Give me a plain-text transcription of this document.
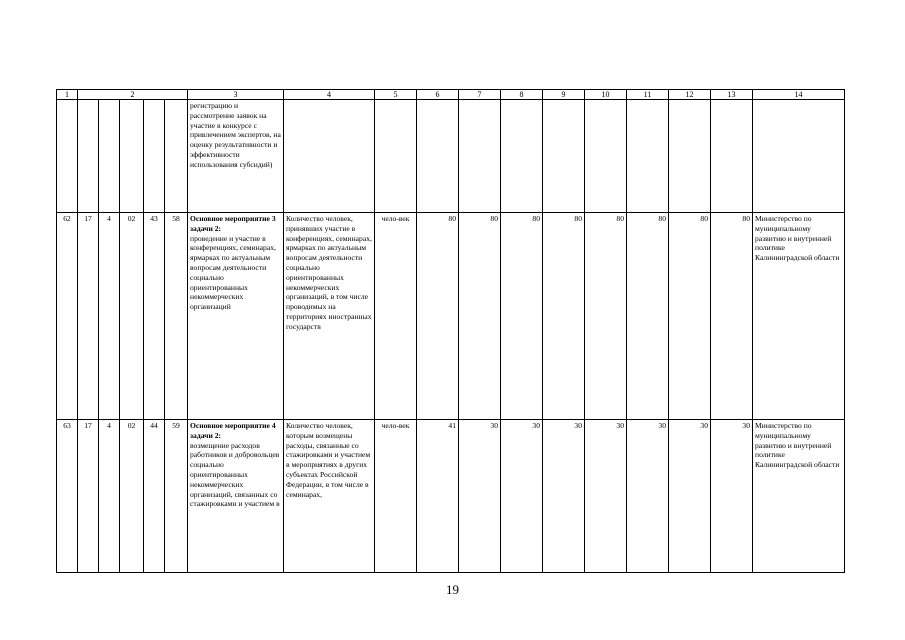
1	2					3	4	5	6	7	8	9	10	11	12	13	14

						регистрацию и рассмотрение заявок на участие в конкурсе с привлечением экспертов, на оценку результативности и эффективности использования субсидий)											

62	17	4	02	43	58	Основное мероприятие 3 задачи 2:
проведение и участие в конференциях, семинарах, ярмарках по актуальным вопросам деятельности социально ориентированных некоммерческих организаций	Количество человек, принявших участие в конференциях, семинарах, ярмарках по актуальным вопросам деятельности социально ориентированных некоммерческих организаций, в том числе проводимых на территориях иностранных государств	чело-век	80	80	80	80	80	80	80	80	Министерство по муниципальному развитию и внутренней политике Калининградской области
63	17	4	02	44	59	Основное мероприятие 4 задачи 2:
возмещение расходов работников и добровольцев социально ориентированных некоммерческих организаций, связанных со стажировками и участием в	Количество человек, которым возмещены расходы, связанные со стажировками и участием в мероприятиях в других субъектах Российской Федерации, в том числе в семинарах,	чело-век	41	30	30	30	30	30	30	30	Министерство по муниципальному развитию и внутренней политике Калининградской области
19
